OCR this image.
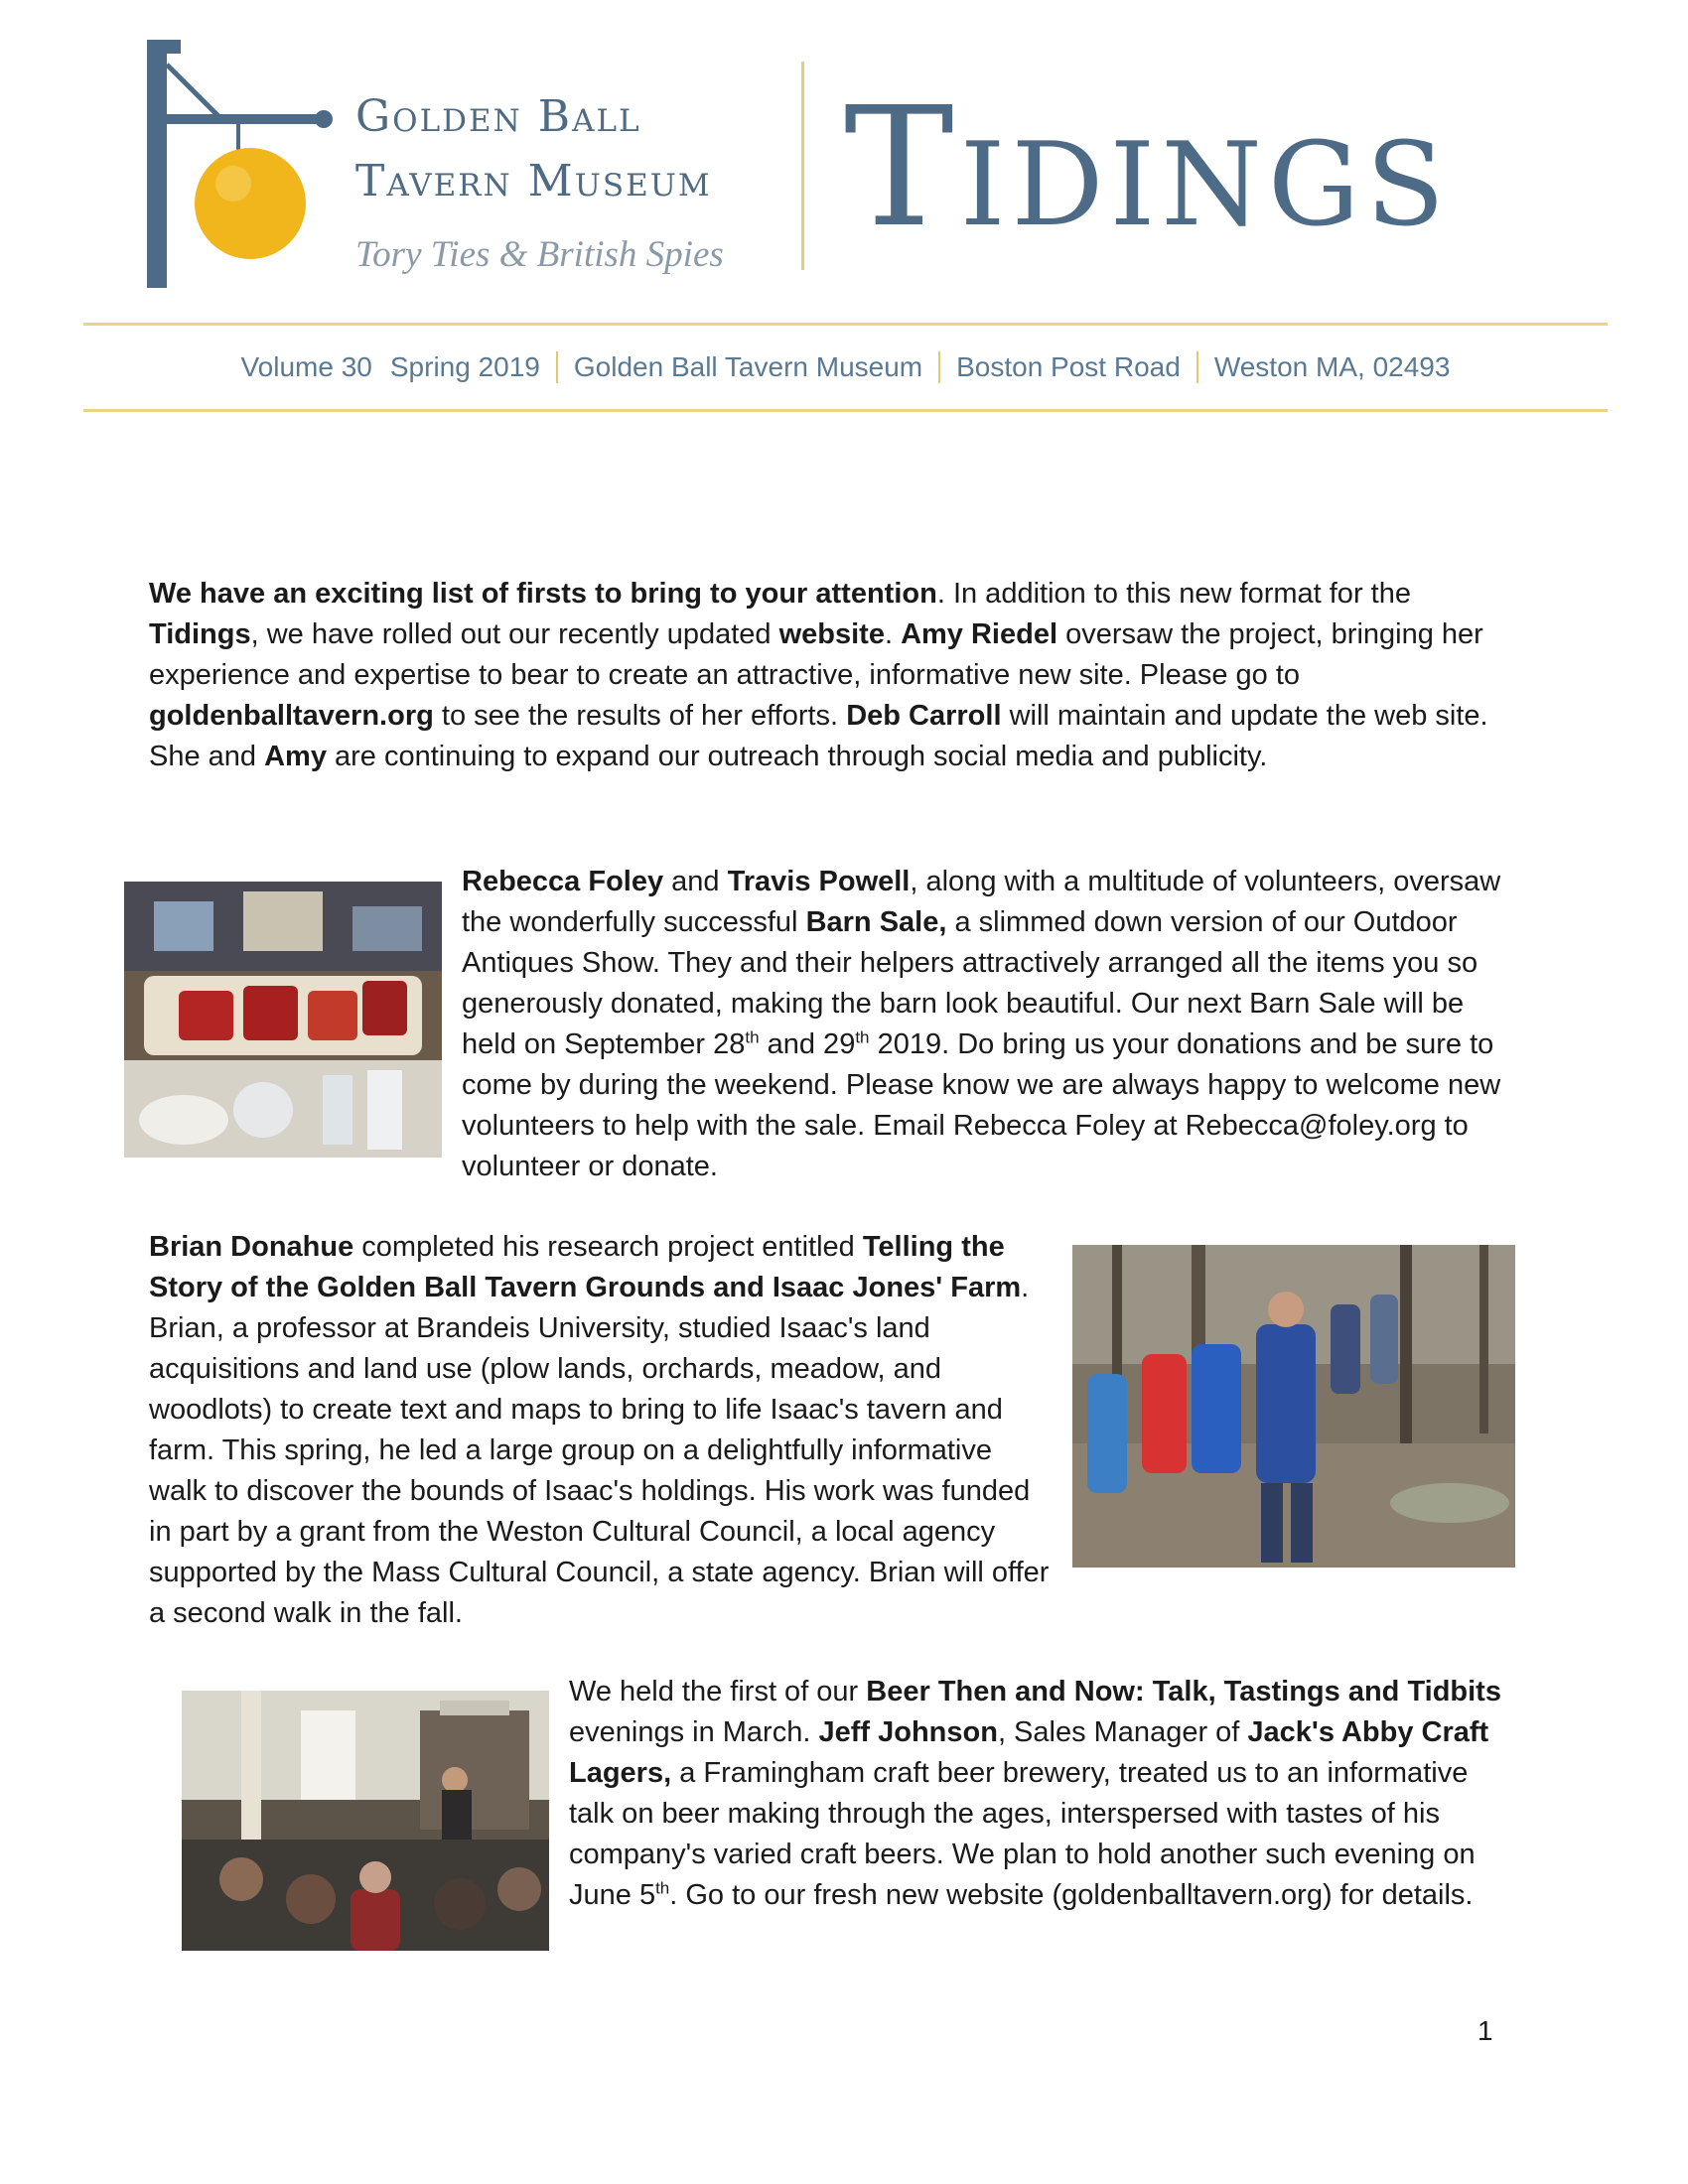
Golden Ball
Tavern Museum
Tory Ties & British Spies Tidings
Volume 30 Spring 2019 Golden Ball Tavern Museum Boston Post Road Weston MA, 02493

We have an exciting list of firsts to bring to your attention. In addition to this new format for the Tidings, we have rolled out our recently updated website. Amy Riedel oversaw the project, bringing her experience and expertise to bear to create an attractive, informative new site. Please go to goldenballtavern.org to see the results of her efforts. Deb Carroll will maintain and update the web site. She and Amy are continuing to expand our outreach through social media and publicity.

Rebecca Foley and Travis Powell, along with a multitude of volunteers, oversaw the wonderfully successful Barn Sale, a slimmed down version of our Outdoor Antiques Show. They and their helpers attractively arranged all the items you so generously donated, making the barn look beautiful. Our next Barn Sale will be held on September 28th and 29th 2019. Do bring us your donations and be sure to come by during the weekend. Please know we are always happy to welcome new volunteers to help with the sale. Email Rebecca Foley at Rebecca@foley.org to volunteer or donate.

Brian Donahue completed his research project entitled Telling the Story of the Golden Ball Tavern Grounds and Isaac Jones' Farm. Brian, a professor at Brandeis University, studied Isaac's land acquisitions and land use (plow lands, orchards, meadow, and woodlots) to create text and maps to bring to life Isaac's tavern and farm. This spring, he led a large group on a delightfully informative walk to discover the bounds of Isaac's holdings. His work was funded in part by a grant from the Weston Cultural Council, a local agency supported by the Mass Cultural Council, a state agency. Brian will offer a second walk in the fall.

We held the first of our Beer Then and Now: Talk, Tastings and Tidbits evenings in March. Jeff Johnson, Sales Manager of Jack's Abby Craft Lagers, a Framingham craft beer brewery, treated us to an informative talk on beer making through the ages, interspersed with tastes of his company's varied craft beers. We plan to hold another such evening on June 5th. Go to our fresh new website (goldenballtavern.org) for details.

1
